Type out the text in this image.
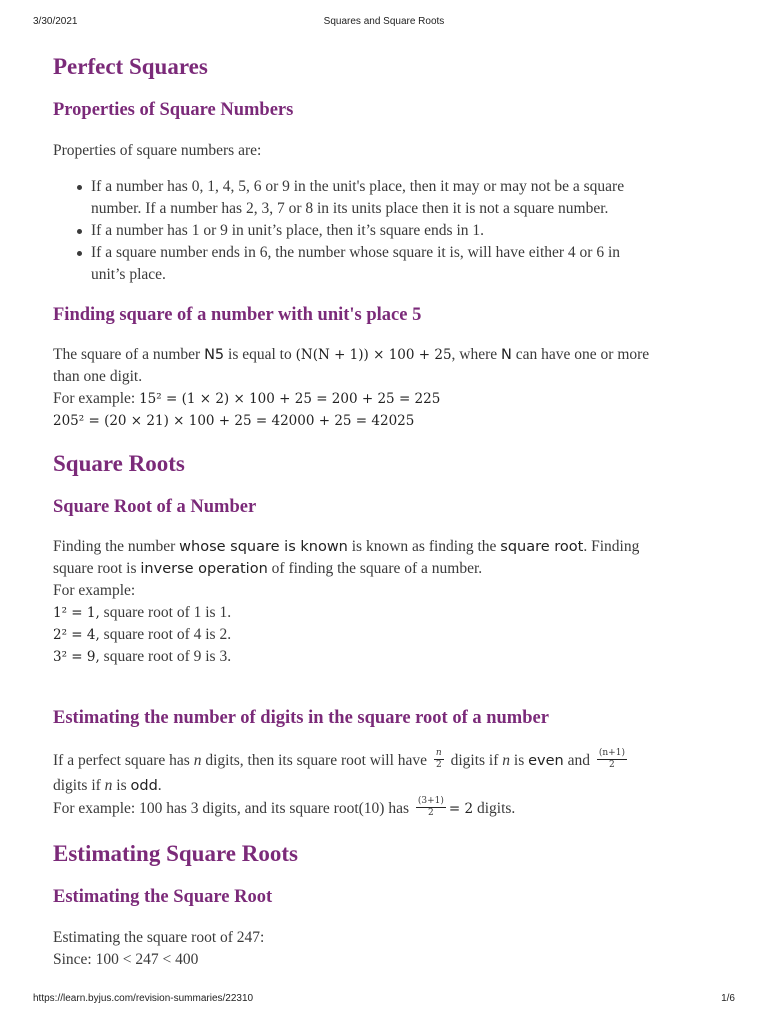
3/30/2021	Squares and Square Roots
Perfect Squares
Properties of Square Numbers
Properties of square numbers are:
If a number has 0, 1, 4, 5, 6 or 9 in the unit's place, then it may or may not be a square
number. If a number has 2, 3, 7 or 8 in its units place then it is not a square number.
If a number has 1 or 9 in unit’s place, then it’s square ends in 1.
If a square number ends in 6, the number whose square it is, will have either 4 or 6 in
unit’s place.
Finding square of a number with unit's place 5
The square of a number N5 is equal to (N(N + 1)) × 100 + 25, where N can have one or more
than one digit.
For example: 15² = (1 × 2) × 100 + 25 = 200 + 25 = 225
205² = (20 × 21) × 100 + 25 = 42000 + 25 = 42025
Square Roots
Square Root of a Number
Finding the number whose square is known is known as finding the square root. Finding
square root is inverse operation of finding the square of a number.
For example:
1² = 1, square root of 1 is 1.
2² = 4, square root of 4 is 2.
3² = 9, square root of 9 is 3.
Estimating the number of digits in the square root of a number
If a perfect square has n digits, then its square root will have $\frac{n}{2}$ digits if n is even and $\frac{(n+1)}{2}$
digits if n is odd.
For example: 100 has 3 digits, and its square root(10) has $\frac{(3+1)}{2} = 2$ digits.
Estimating Square Roots
Estimating the Square Root
Estimating the square root of 247:
Since: 100 < 247 < 400
https://learn.byjus.com/revision-summaries/22310	1/6
